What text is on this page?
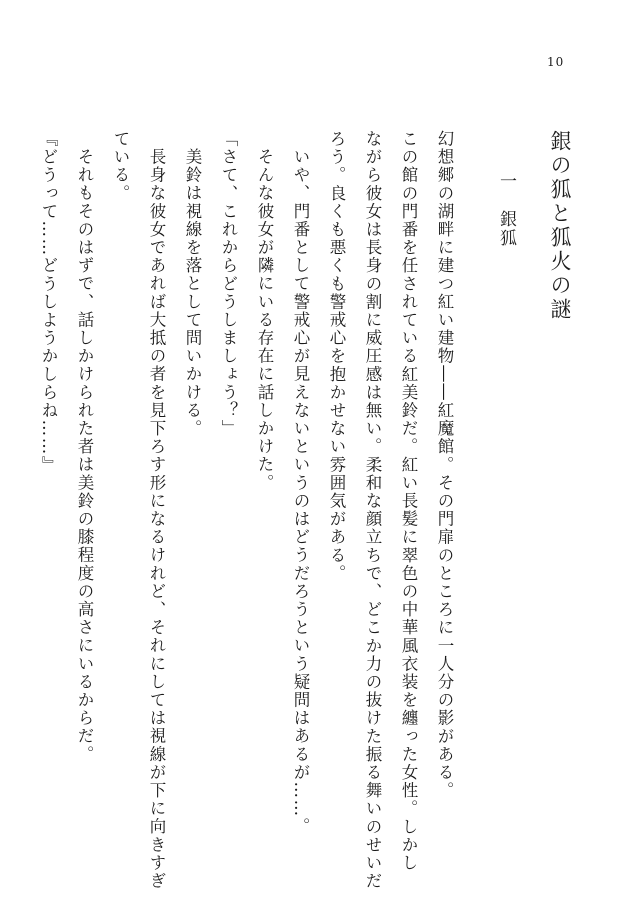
10
銀の狐と狐火の謎
一　銀狐
幻想郷の湖畔に建つ紅い建物――紅魔館。その門扉のところに一人分の影がある。
この館の門番を任されている紅美鈴だ。紅い長髪に翠色の中華風衣装を纏った女性。しかし
ながら彼女は長身の割に威圧感は無い。柔和な顔立ちで、どこか力の抜けた振る舞いのせいだ
ろう。良くも悪くも警戒心を抱かせない雰囲気がある。
いや、門番として警戒心が見えないというのはどうだろうという疑問はあるが……。
そんな彼女が隣にいる存在に話しかけた。
「さて、これからどうしましょう？」
美鈴は視線を落として問いかける。
長身な彼女であれば大抵の者を見下ろす形になるけれど、それにしては視線が下に向きすぎ
ている。
それもそのはずで、話しかけられた者は美鈴の膝程度の高さにいるからだ。
『どうって……どうしようかしらね……』
